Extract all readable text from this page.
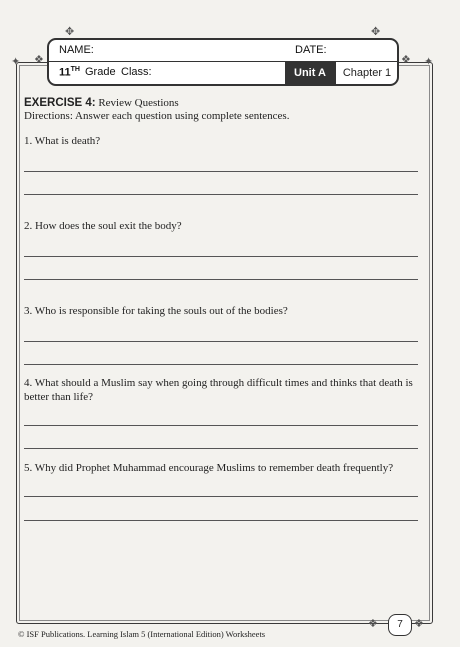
✥
❖
✦
✥
❖ ✦
❖	❖
NAME:	DATE:
11TH Grade Class:	Unit A	Chapter 1
EXERCISE 4: Review Questions
Directions: Answer each question using complete sentences.
1. What is death?
2. How does the soul exit the body?
3. Who is responsible for taking the souls out of the bodies?
4. What should a Muslim say when going through difficult times and thinks that death is better than life?
5. Why did Prophet Muhammad encourage Muslims to remember death frequently?
7
© ISF Publications. Learning Islam 5 (International Edition) Worksheets
